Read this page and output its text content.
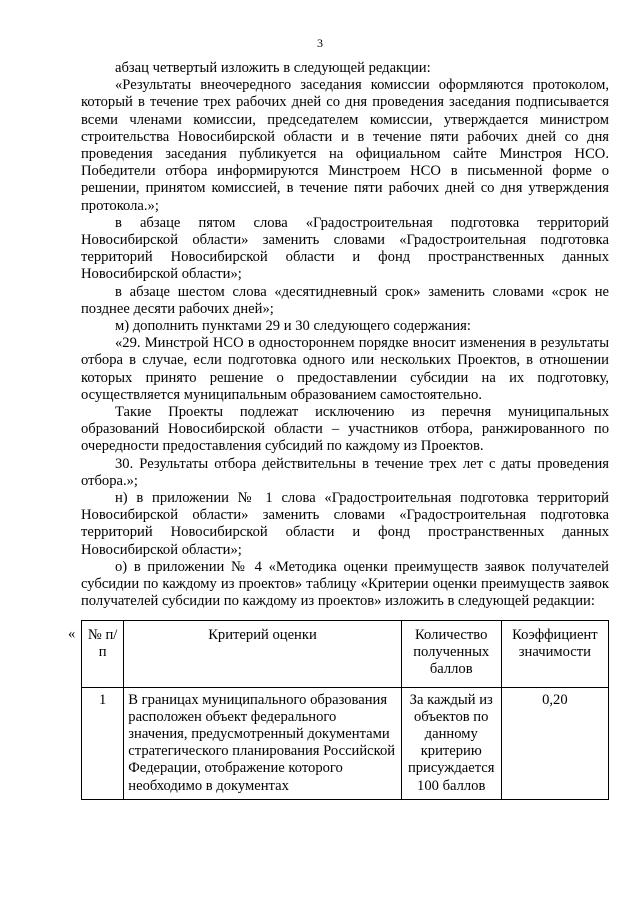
3

абзац четвертый изложить в следующей редакции:

«Результаты внеочередного заседания комиссии оформляются протоколом, который в течение трех рабочих дней со дня проведения заседания подписывается всеми членами комиссии, председателем комиссии, утверждается министром строительства Новосибирской области и в течение пяти рабочих дней со дня проведения заседания публикуется на официальном сайте Минстроя НСО. Победители отбора информируются Минстроем НСО в письменной форме о решении, принятом комиссией, в течение пяти рабочих дней со дня утверждения протокола.»;

в абзаце пятом слова «Градостроительная подготовка территорий Новосибирской области» заменить словами «Градостроительная подготовка территорий Новосибирской области и фонд пространственных данных Новосибирской области»;

в абзаце шестом слова «десятидневный срок» заменить словами «срок не позднее десяти рабочих дней»;

м) дополнить пунктами 29 и 30 следующего содержания:

«29. Минстрой НСО в одностороннем порядке вносит изменения в результаты отбора в случае, если подготовка одного или нескольких Проектов, в отношении которых принято решение о предоставлении субсидии на их подготовку, осуществляется муниципальным образованием самостоятельно.

Такие Проекты подлежат исключению из перечня муниципальных образований Новосибирской области – участников отбора, ранжированного по очередности предоставления субсидий по каждому из Проектов.

30. Результаты отбора действительны в течение трех лет с даты проведения отбора.»;

н) в приложении № 1 слова «Градостроительная подготовка территорий Новосибирской области» заменить словами «Градостроительная подготовка территорий Новосибирской области и фонд пространственных данных Новосибирской области»;

о) в приложении № 4 «Методика оценки преимуществ заявок получателей субсидии по каждому из проектов» таблицу «Критерии оценки преимуществ заявок получателей субсидии по каждому из проектов» изложить в следующей редакции:

« № п/п	Критерий оценки	Количество полученных баллов	Коэффициент значимости
1	В границах муниципального образования расположен объект федерального значения, предусмотренный документами стратегического планирования Российской Федерации, отображение которого необходимо в документах	За каждый из объектов по данному критерию присуждается 100 баллов	0,20
